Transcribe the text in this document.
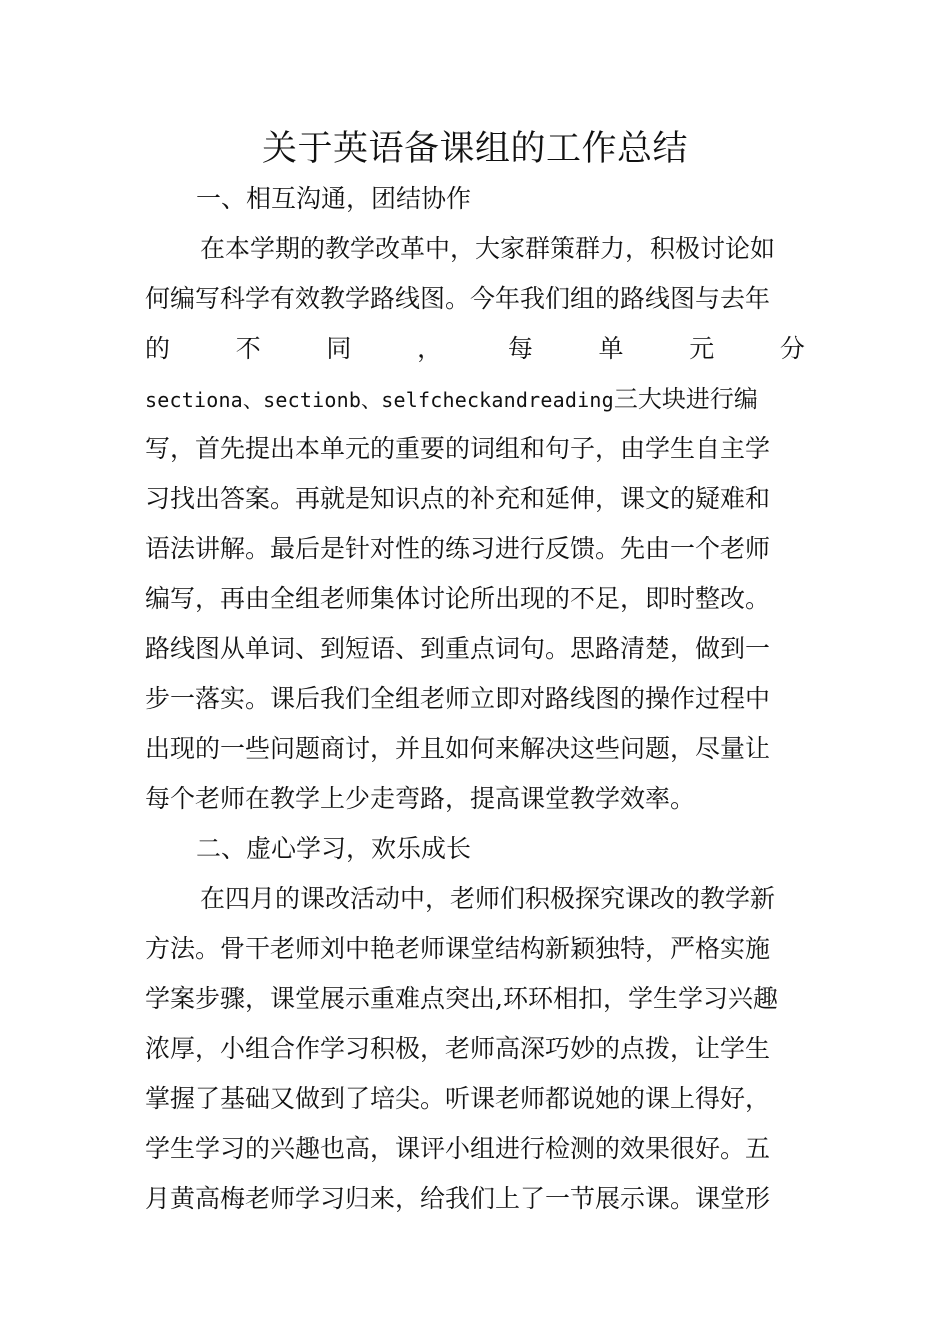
关于英语备课组的工作总结
一、相互沟通，团结协作
在本学期的教学改革中，大家群策群力，积极讨论如
何编写科学有效教学路线图。今年我们组的路线图与去年
的	不	同	，	每	单	元	分
sectiona、sectionb、selfcheckandreading三大块进行编
写，首先提出本单元的重要的词组和句子，由学生自主学
习找出答案。再就是知识点的补充和延伸，课文的疑难和
语法讲解。最后是针对性的练习进行反馈。先由一个老师
编写，再由全组老师集体讨论所出现的不足，即时整改。
路线图从单词、到短语、到重点词句。思路清楚，做到一
步一落实。课后我们全组老师立即对路线图的操作过程中
出现的一些问题商讨，并且如何来解决这些问题，尽量让
每个老师在教学上少走弯路，提高课堂教学效率。
二、虚心学习，欢乐成长
在四月的课改活动中，老师们积极探究课改的教学新
方法。骨干老师刘中艳老师课堂结构新颖独特，严格实施
学案步骤，课堂展示重难点突出,环环相扣，学生学习兴趣
浓厚，小组合作学习积极，老师高深巧妙的点拨，让学生
掌握了基础又做到了培尖。听课老师都说她的课上得好，
学生学习的兴趣也高，课评小组进行检测的效果很好。五
月黄高梅老师学习归来，给我们上了一节展示课。课堂形
